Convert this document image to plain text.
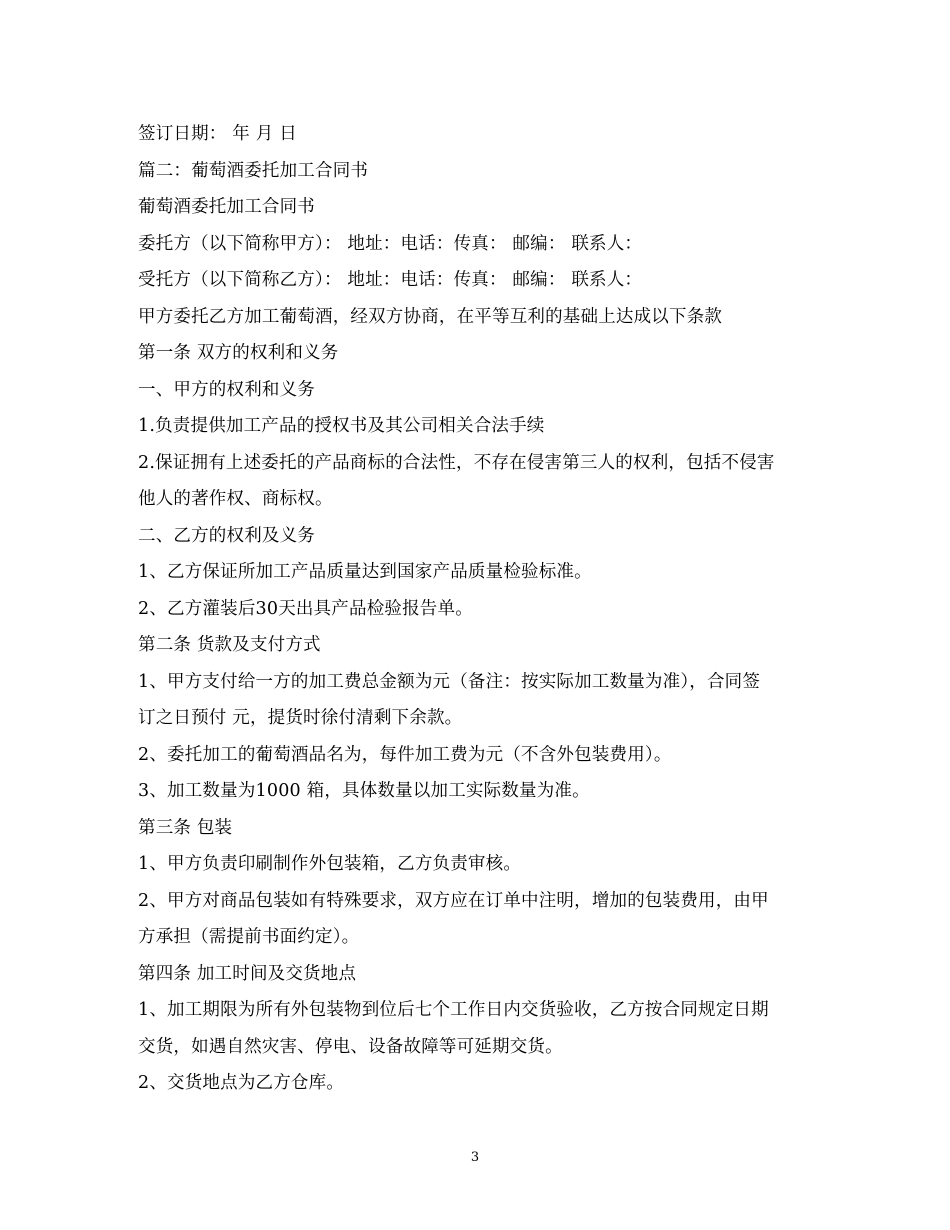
签订日期： 年 月 日
篇二：葡萄酒委托加工合同书
葡萄酒委托加工合同书
委托方（以下简称甲方）： 地址：电话：传真： 邮编： 联系人：
受托方（以下简称乙方）： 地址：电话：传真： 邮编： 联系人：
甲方委托乙方加工葡萄酒，经双方协商，在平等互利的基础上达成以下条款
第一条 双方的权利和义务
一、甲方的权利和义务
1.负责提供加工产品的授权书及其公司相关合法手续
2.保证拥有上述委托的产品商标的合法性，不存在侵害第三人的权利，包括不侵害
他人的著作权、商标权。
二、乙方的权利及义务
1、乙方保证所加工产品质量达到国家产品质量检验标准。
2、乙方灌装后30天出具产品检验报告单。
第二条 货款及支付方式
1、甲方支付给一方的加工费总金额为元（备注：按实际加工数量为准），合同签
订之日预付 元，提货时徐付清剩下余款。
2、委托加工的葡萄酒品名为，每件加工费为元（不含外包装费用）。
3、加工数量为1000 箱，具体数量以加工实际数量为准。
第三条 包装
1、甲方负责印刷制作外包装箱，乙方负责审核。
2、甲方对商品包装如有特殊要求，双方应在订单中注明，增加的包装费用，由甲
方承担（需提前书面约定）。
第四条 加工时间及交货地点
1、加工期限为所有外包装物到位后七个工作日内交货验收，乙方按合同规定日期
交货，如遇自然灾害、停电、设备故障等可延期交货。
2、交货地点为乙方仓库。
3
